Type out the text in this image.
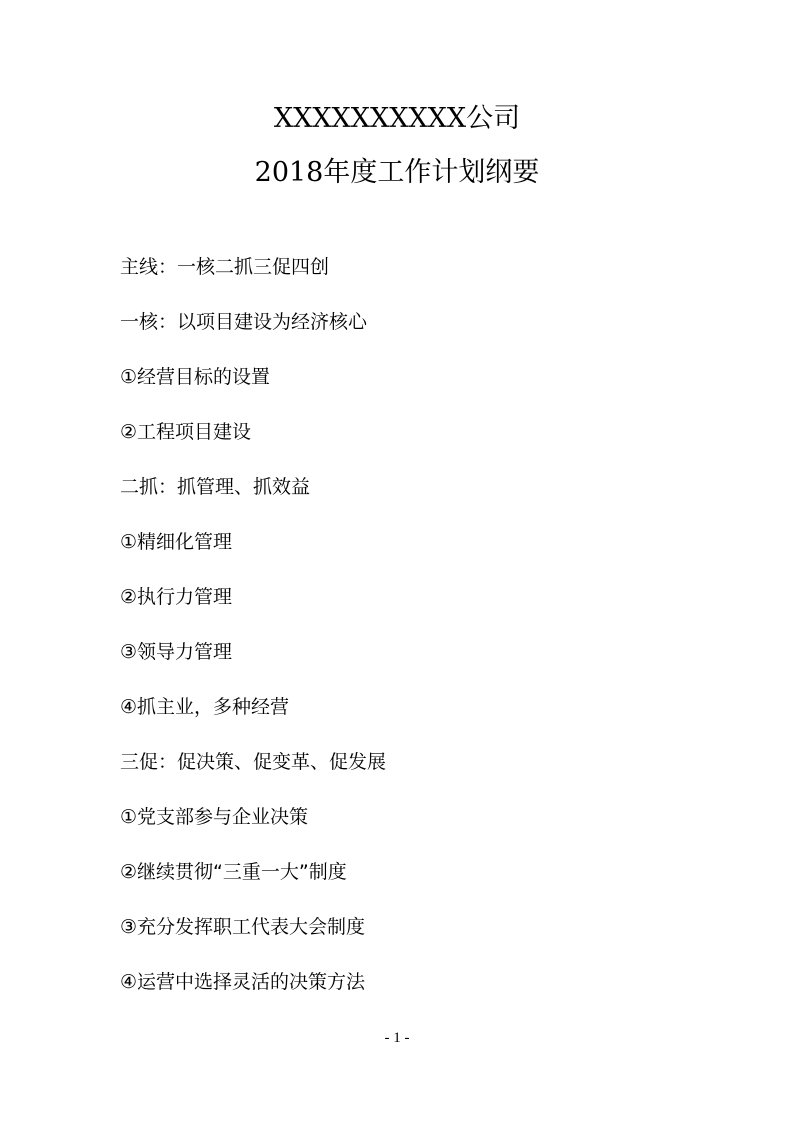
XXXXXXXXXX公司
2018年度工作计划纲要
主线：一核二抓三促四创
一核：以项目建设为经济核心
①经营目标的设置
②工程项目建设
二抓：抓管理、抓效益
①精细化管理
②执行力管理
③领导力管理
④抓主业，多种经营
三促：促决策、促变革、促发展
①党支部参与企业决策
②继续贯彻“三重一大”制度
③充分发挥职工代表大会制度
④运营中选择灵活的决策方法
- 1 -
